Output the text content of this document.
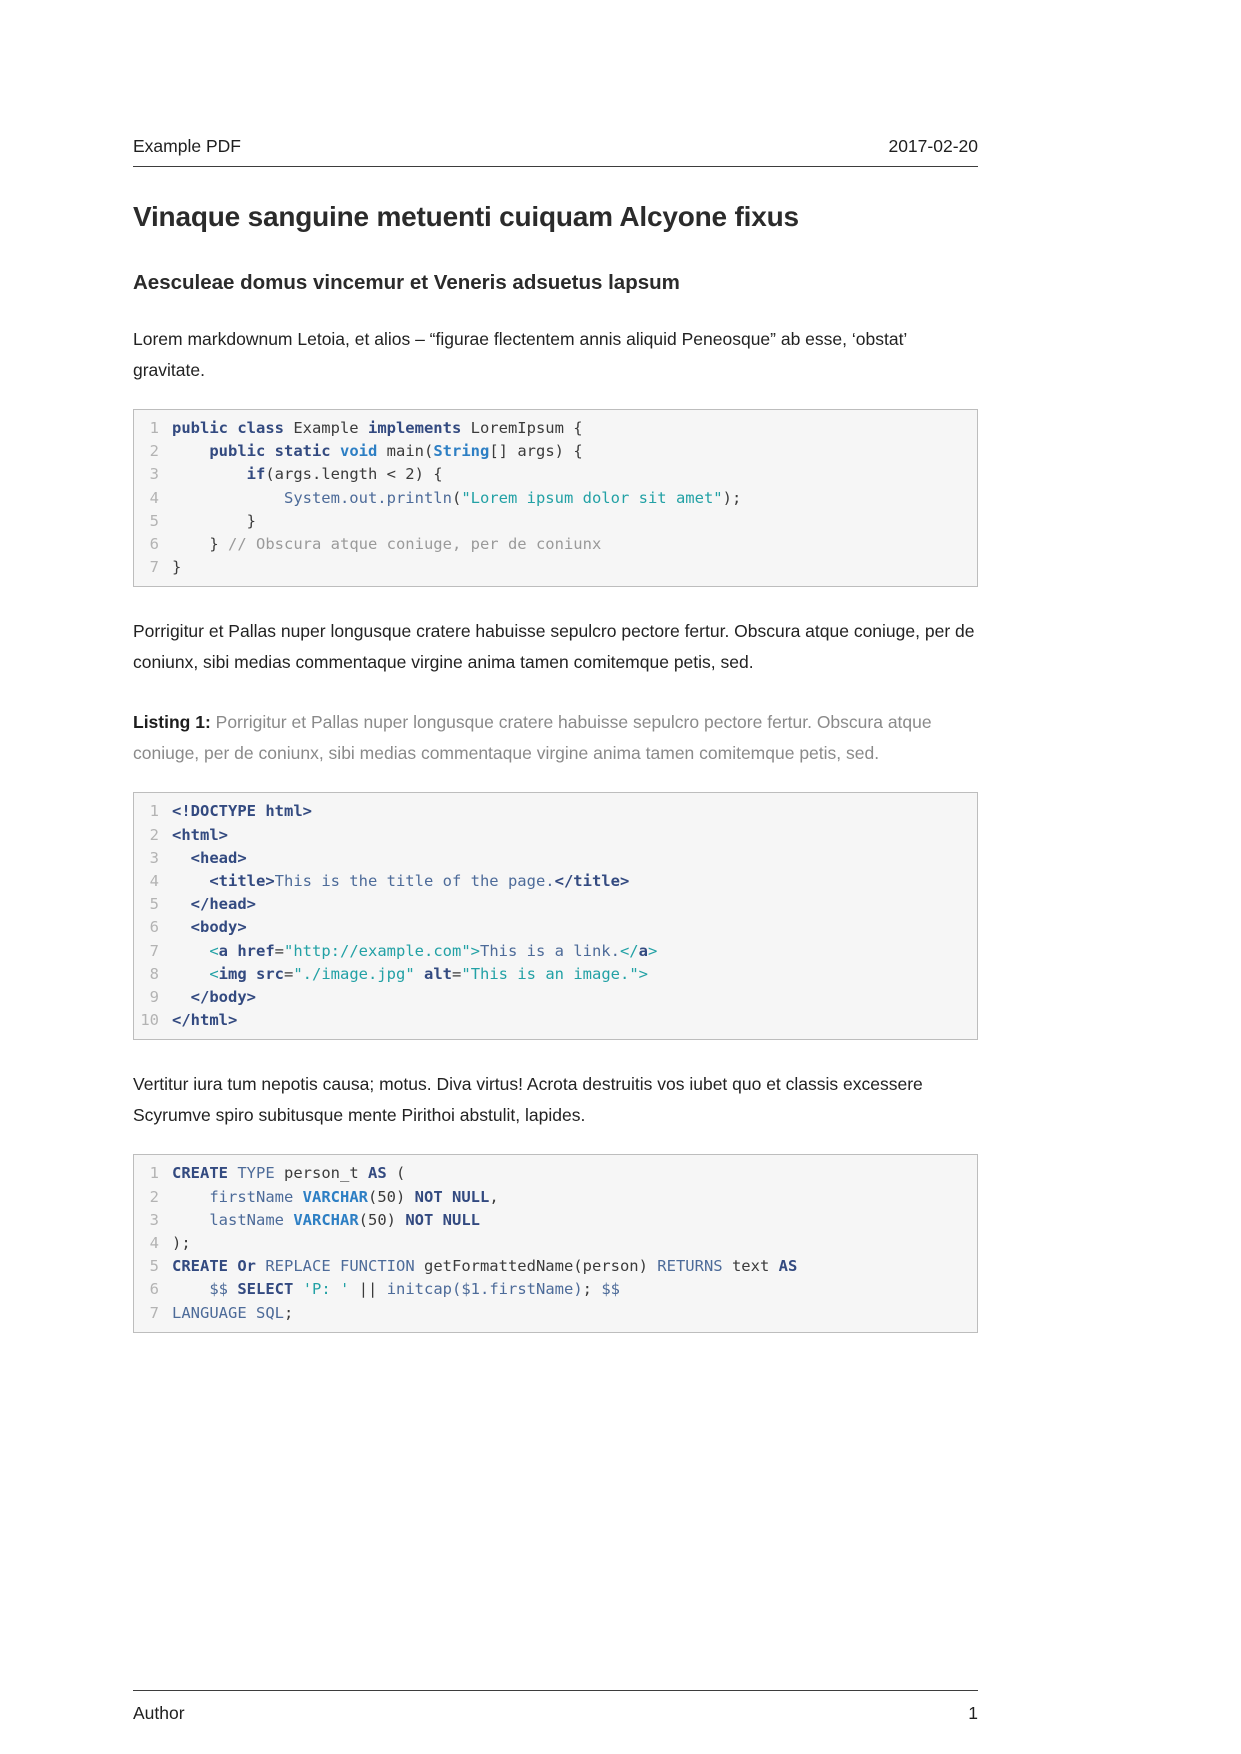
Example PDF	2017-02-20
Vinaque sanguine metuenti cuiquam Alcyone fixus
Aesculeae domus vincemur et Veneris adsuetus lapsum

Lorem markdownum Letoia, et alios – “figurae flectentem annis aliquid Peneosque” ab esse, ‘obstat’ gravitate.

1 public class Example implements LoremIpsum {
2	public static void main(String[] args) {
3	if(args.length < 2) {
4	System.out.println("Lorem ipsum dolor sit amet");
5 }
6 } // Obscura atque coniuge, per de coniunx
7 }

Porrigitur et Pallas nuper longusque cratere habuisse sepulcro pectore fertur. Obscura atque coniuge, per de coniunx, sibi medias commentaque virgine anima tamen comitemque petis, sed.

Listing 1: Porrigitur et Pallas nuper longusque cratere habuisse sepulcro pectore fertur. Obscura atque coniuge, per de coniunx, sibi medias commentaque virgine anima tamen comitemque petis, sed.

1 <!DOCTYPE html>
2 <html>
3	<head>
4	<title>This is the title of the page.</title>
5	</head>
6	<body>
7	<a href="http://example.com">This is a link.</a>
8	<img src="./image.jpg" alt="This is an image.">
9	</body>
10 </html>

Vertitur iura tum nepotis causa; motus. Diva virtus! Acrota destruitis vos iubet quo et classis excessere Scyrumve spiro subitusque mente Pirithoi abstulit, lapides.

1 CREATE TYPE person_t AS (
2	firstName VARCHAR(50) NOT NULL,
3	lastName VARCHAR(50) NOT NULL
4 );
5 CREATE Or REPLACE FUNCTION getFormattedName(person) RETURNS text AS
6	$$ SELECT 'P: ' || initcap($1.firstName); $$
7 LANGUAGE SQL;
Author	1
